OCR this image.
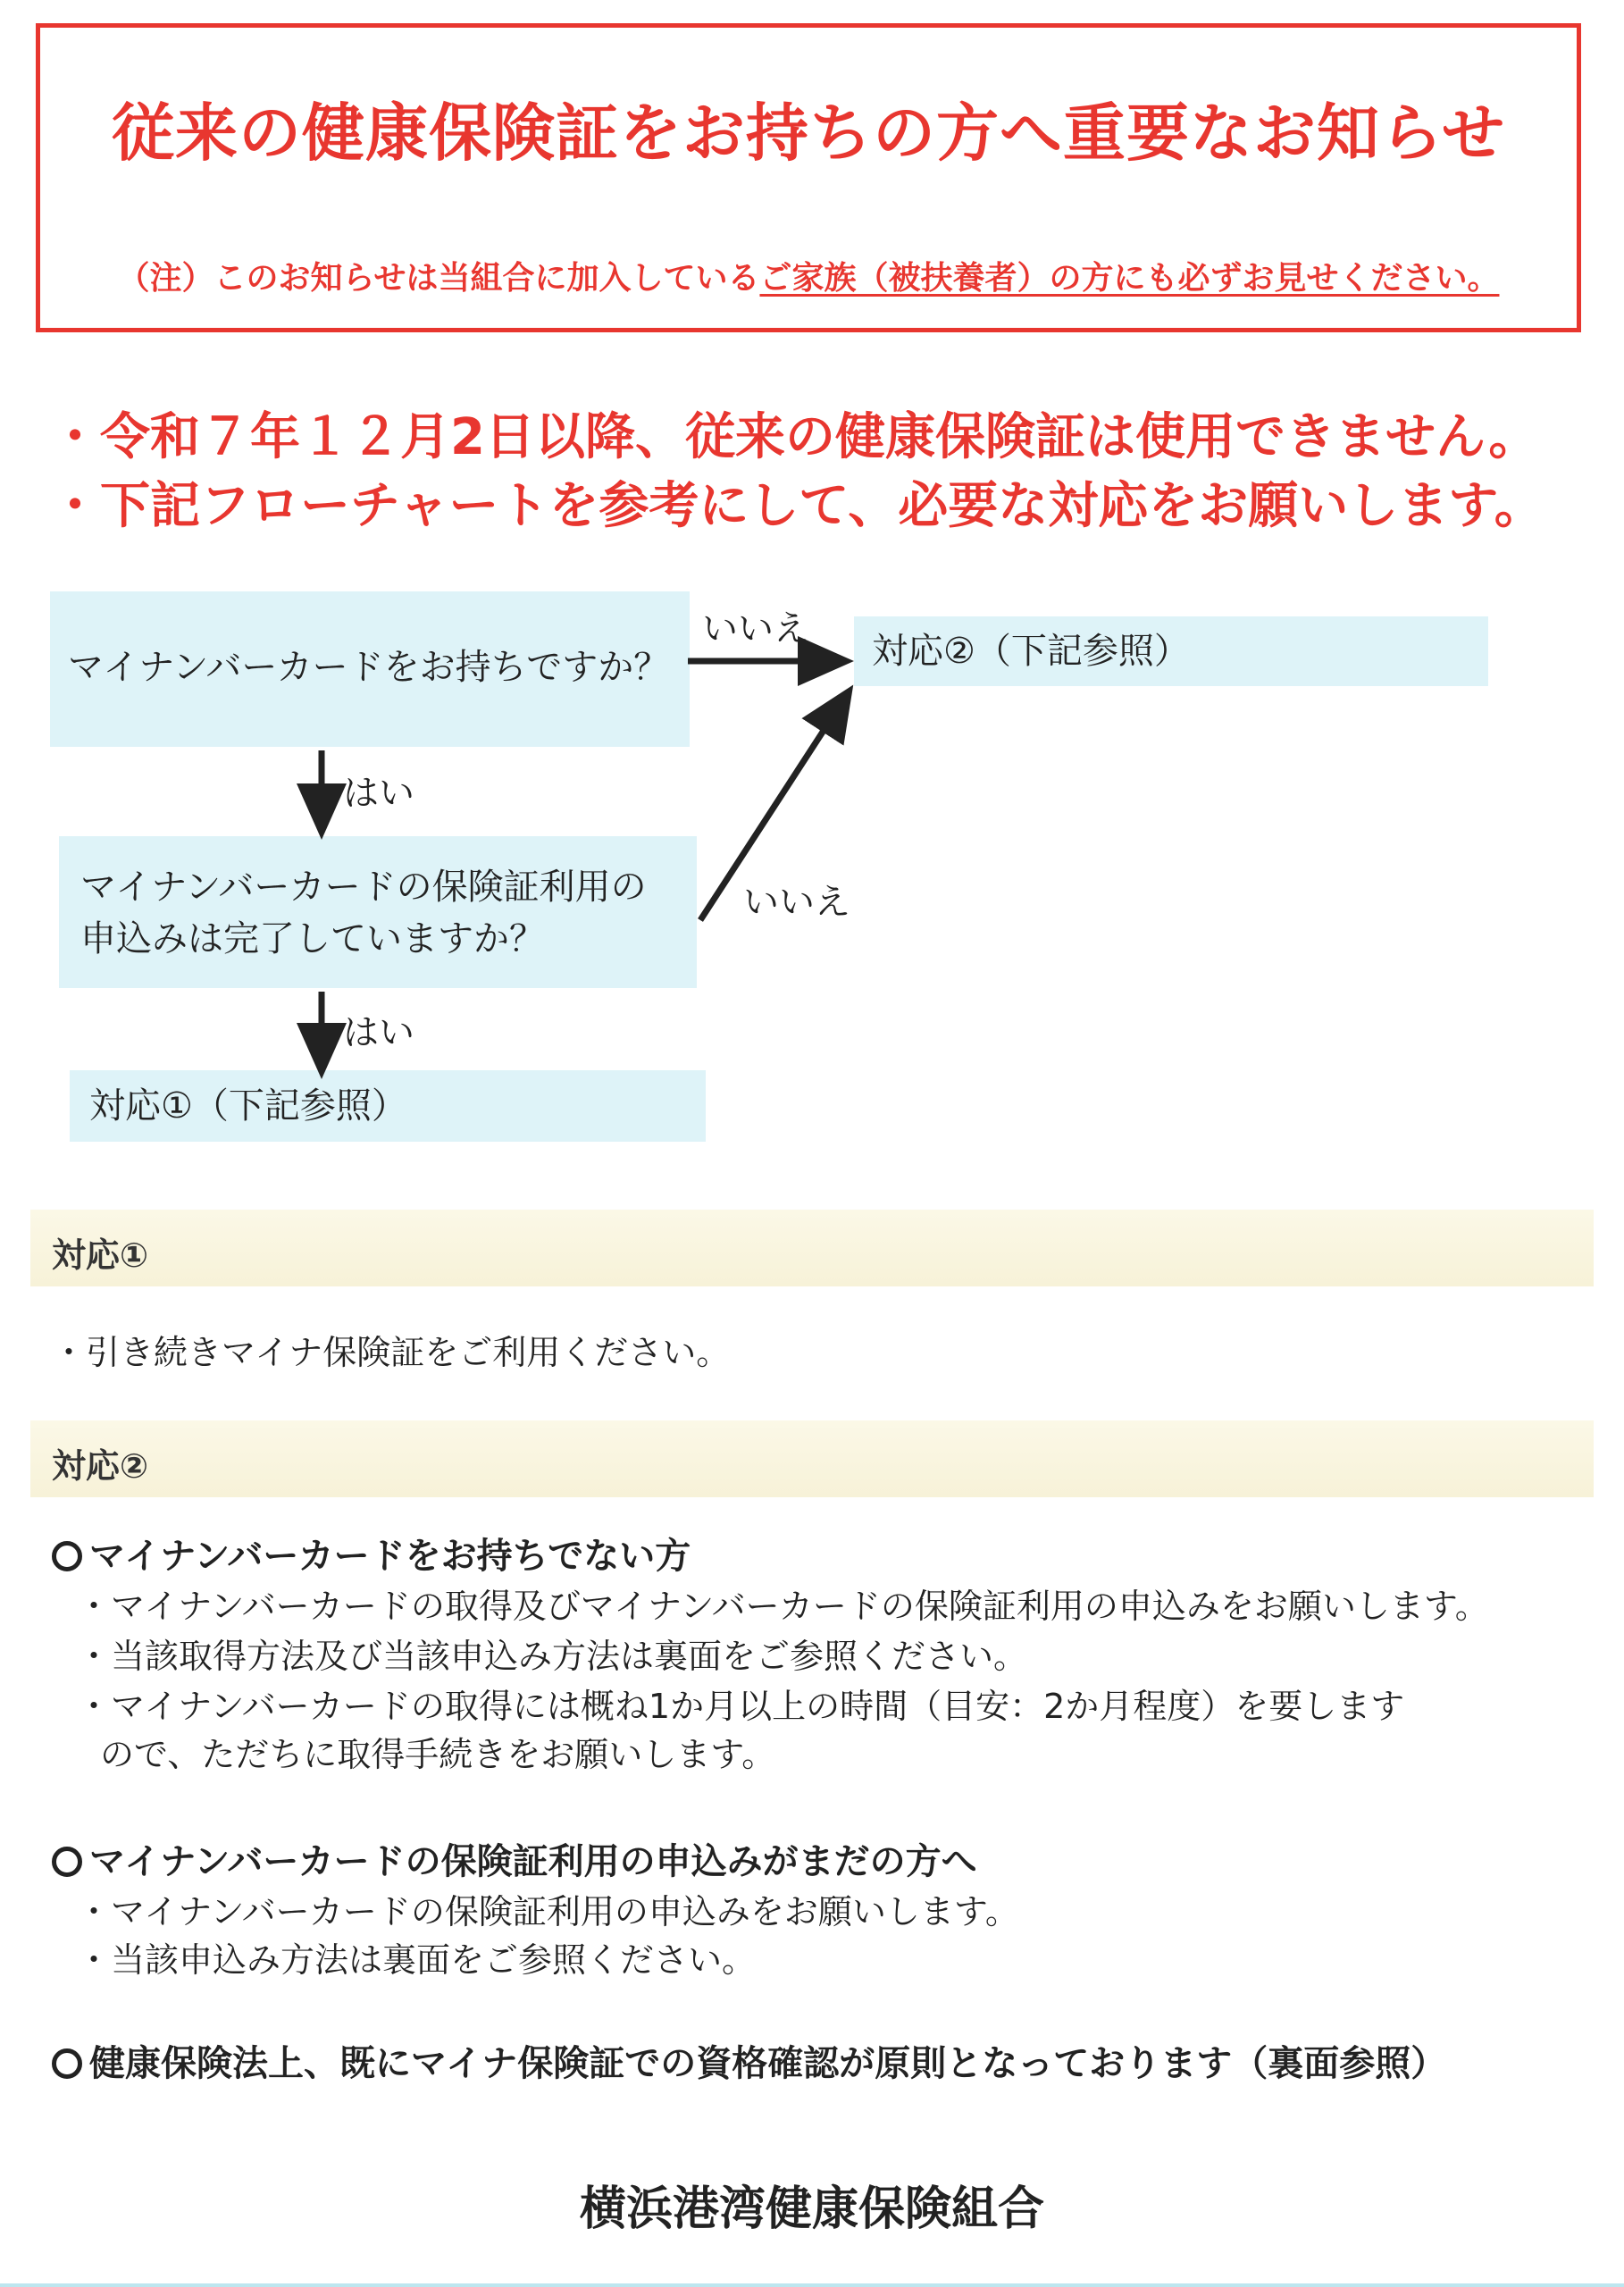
従来の健康保険証をお持ちの方へ重要なお知らせ
（注）このお知らせは当組合に加入しているご家族（被扶養者）の方にも必ずお見せください。
・令和７年１２月2日以降、従来の健康保険証は使用できません。
・下記フローチャートを参考にして、必要な対応をお願いします。
マイナンバーカードをお持ちですか？	対応②（下記参照）
マイナンバーカードの保険証利用の
申込みは完了していますか？
対応①（下記参照）
いいえ
はい
いいえ
はい
対応①
・引き続きマイナ保険証をご利用ください。
対応②
マイナンバーカードをお持ちでない方
・マイナンバーカードの取得及びマイナンバーカードの保険証利用の申込みをお願いします。
・当該取得方法及び当該申込み方法は裏面をご参照ください。
・マイナンバーカードの取得には概ね1か月以上の時間（目安：2か月程度）を要します
ので、ただちに取得手続きをお願いします。
マイナンバーカードの保険証利用の申込みがまだの方へ
・マイナンバーカードの保険証利用の申込みをお願いします。
・当該申込み方法は裏面をご参照ください。
健康保険法上、既にマイナ保険証での資格確認が原則となっております（裏面参照）
横浜港湾健康保険組合
